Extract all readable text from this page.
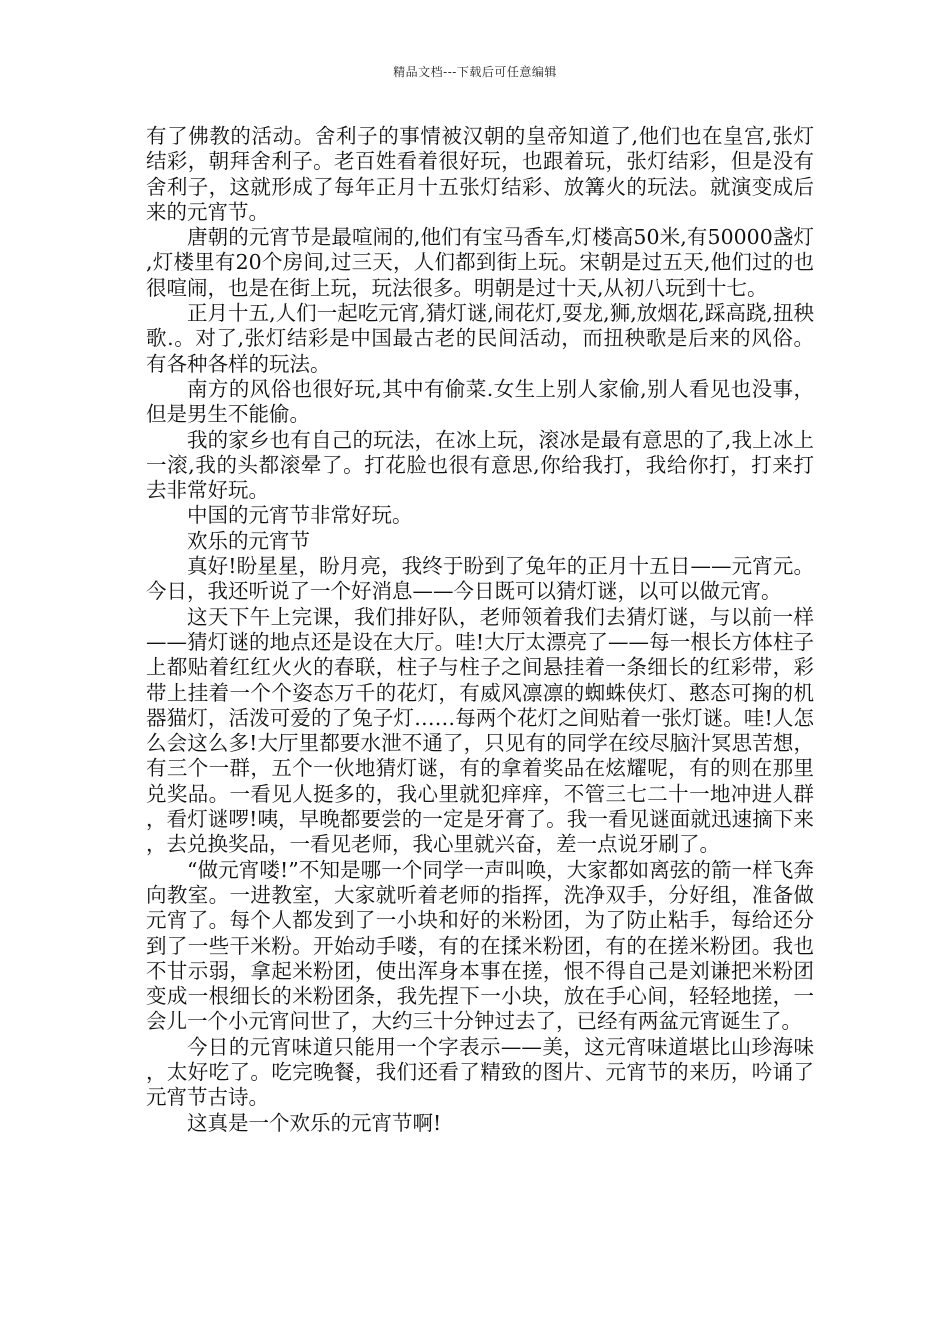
精品文档---下载后可任意编辑

有了佛教的活动。舍利子的事情被汉朝的皇帝知道了,他们也在皇宫,张灯结彩，朝拜舍利子。老百姓看着很好玩，也跟着玩，张灯结彩，但是没有舍利子，这就形成了每年正月十五张灯结彩、放篝火的玩法。就演变成后来的元宵节。

唐朝的元宵节是最喧闹的,他们有宝马香车,灯楼高50米,有50000盏灯,灯楼里有20个房间,过三天，人们都到街上玩。宋朝是过五天,他们过的也很喧闹，也是在街上玩，玩法很多。明朝是过十天,从初八玩到十七。

正月十五,人们一起吃元宵,猜灯谜,闹花灯,耍龙,狮,放烟花,踩高跷,扭秧歌.。对了,张灯结彩是中国最古老的民间活动，而扭秧歌是后来的风俗。有各种各样的玩法。

南方的风俗也很好玩,其中有偷菜.女生上别人家偷,别人看见也没事，但是男生不能偷。

我的家乡也有自己的玩法，在冰上玩，滚冰是最有意思的了,我上冰上一滚,我的头都滚晕了。打花脸也很有意思,你给我打，我给你打，打来打去非常好玩。

中国的元宵节非常好玩。

欢乐的元宵节

真好!盼星星，盼月亮，我终于盼到了兔年的正月十五日——元宵元。今日，我还听说了一个好消息——今日既可以猜灯谜，以可以做元宵。

这天下午上完课，我们排好队，老师领着我们去猜灯谜，与以前一样——猜灯谜的地点还是设在大厅。哇!大厅太漂亮了——每一根长方体柱子上都贴着红红火火的春联，柱子与柱子之间悬挂着一条细长的红彩带，彩带上挂着一个个姿态万千的花灯，有威风凛凛的蜘蛛侠灯、憨态可掬的机器猫灯，活泼可爱的了兔子灯……每两个花灯之间贴着一张灯谜。哇!人怎么会这么多!大厅里都要水泄不通了，只见有的同学在绞尽脑汁冥思苦想，有三个一群，五个一伙地猜灯谜，有的拿着奖品在炫耀呢，有的则在那里兑奖品。一看见人挺多的，我心里就犯痒痒，不管三七二十一地冲进人群，看灯谜啰!咦，早晚都要尝的一定是牙膏了。我一看见谜面就迅速摘下来，去兑换奖品，一看见老师，我心里就兴奋，差一点说牙刷了。

“做元宵喽!”不知是哪一个同学一声叫唤，大家都如离弦的箭一样飞奔向教室。一进教室，大家就听着老师的指挥，洗净双手，分好组，准备做元宵了。每个人都发到了一小块和好的米粉团，为了防止粘手，每给还分到了一些干米粉。开始动手喽，有的在揉米粉团，有的在搓米粉团。我也不甘示弱，拿起米粉团，使出浑身本事在搓，恨不得自己是刘谦把米粉团变成一根细长的米粉团条，我先捏下一小块，放在手心间，轻轻地搓，一会儿一个小元宵问世了，大约三十分钟过去了，已经有两盆元宵诞生了。

今日的元宵味道只能用一个字表示——美，这元宵味道堪比山珍海味，太好吃了。吃完晚餐，我们还看了精致的图片、元宵节的来历，吟诵了元宵节古诗。

这真是一个欢乐的元宵节啊!
